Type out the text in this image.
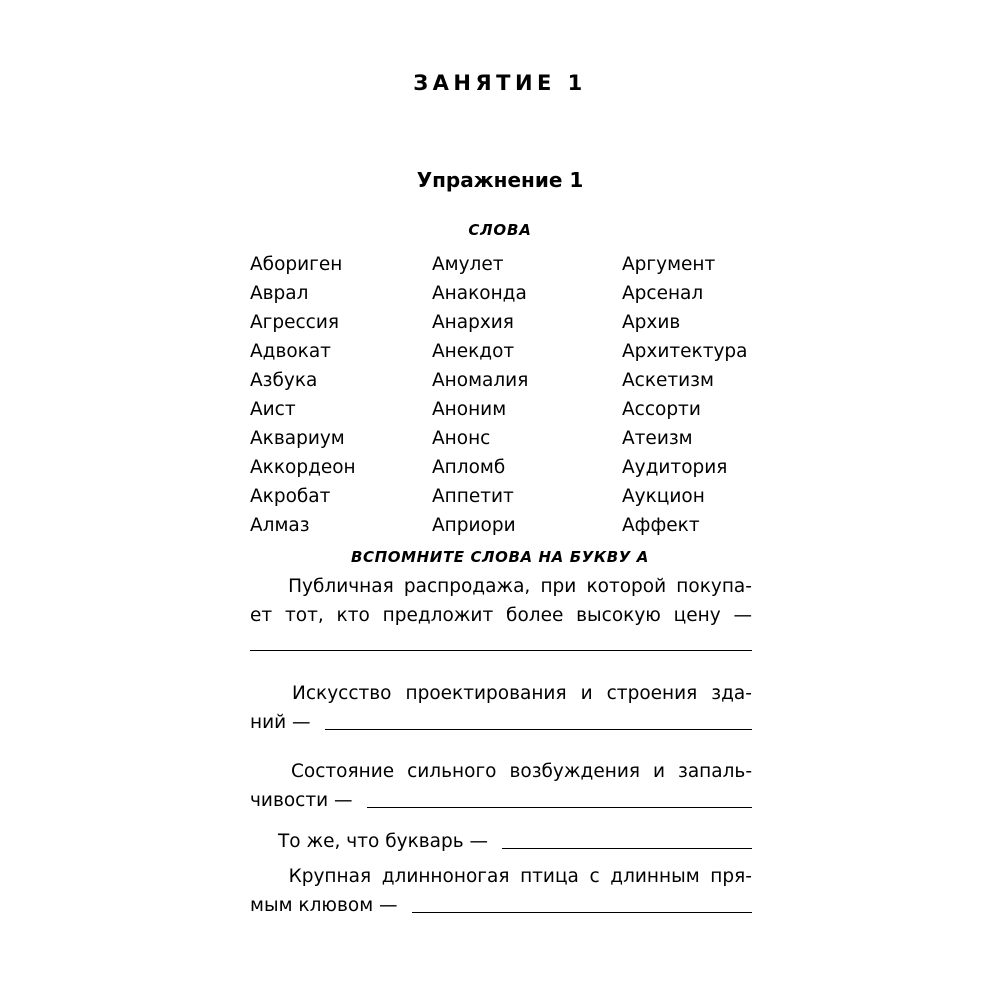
ЗАНЯТИЕ 1
Упражнение 1
СЛОВА
Абориген
Аврал
Агрессия
Адвокат
Азбука
Аист
Аквариум
Аккордеон
Акробат
Алмаз
Амулет
Анаконда
Анархия
Анекдот
Аномалия
Аноним
Анонс
Апломб
Аппетит
Априори
Аргумент
Арсенал
Архив
Архитектура
Аскетизм
Ассорти
Атеизм
Аудитория
Аукцион
Аффект
ВСПОМНИТЕ СЛОВА НА БУКВУ А
Публичная распродажа, при которой покупа-
ет тот, кто предложит более высокую цену —
Искусство проектирования и строения зда-
ний —
Состояние сильного возбуждения и запаль-
чивости —
То же, что букварь —
Крупная длинноногая птица с длинным пря-
мым клювом —
